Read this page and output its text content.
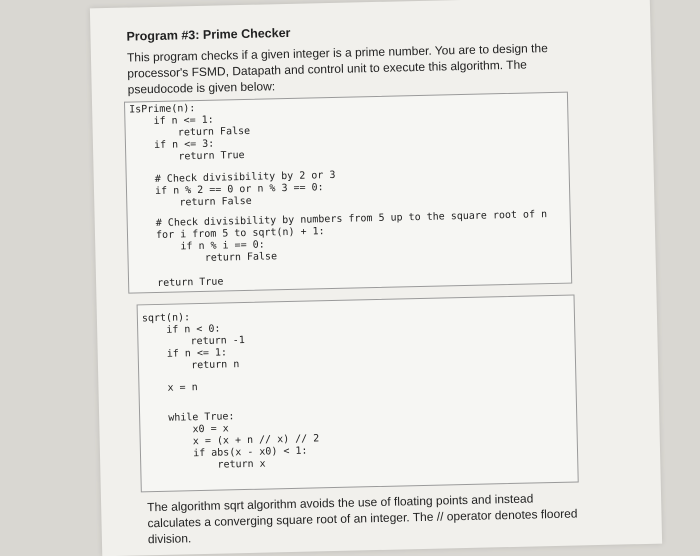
Program #3: Prime Checker
This program checks if a given integer is a prime number. You are to design the processor's FSMD, Datapath and control unit to execute this algorithm. The pseudocode is given below:
IsPrime(n):
if n <= 1:
return False
if n <= 3:
return True
# Check divisibility by 2 or 3
if n % 2 == 0 or n % 3 == 0:
return False
# Check divisibility by numbers from 5 up to the square root of n
for i from 5 to sqrt(n) + 1:
if n % i == 0:
return False
return True
sqrt(n):
if n < 0:
return -1
if n <= 1:
return n
x = n
while True:
x0 = x
x = (x + n // x) // 2
if abs(x - x0) < 1:
return x
The algorithm sqrt algorithm avoids the use of floating points and instead calculates a converging square root of an integer. The // operator denotes floored division.
